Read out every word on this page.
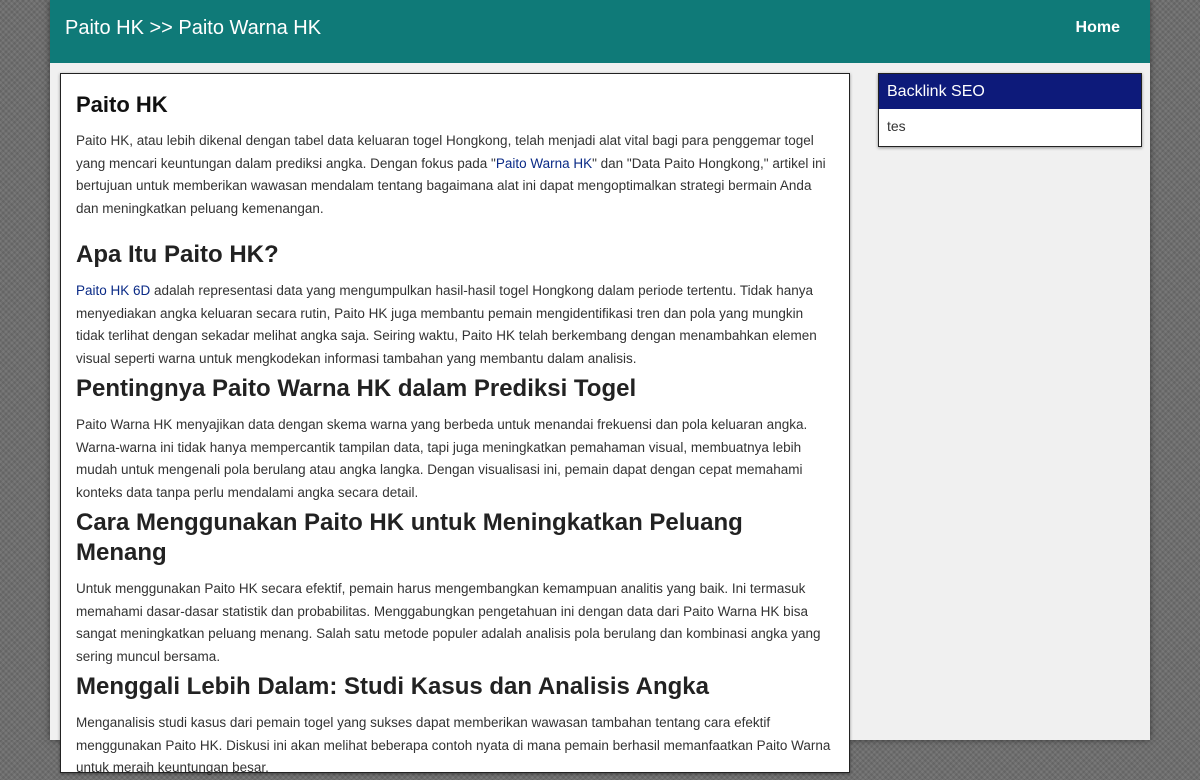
Paito HK >> Paito Warna HK	Home
Paito HK

Paito HK, atau lebih dikenal dengan tabel data keluaran togel Hongkong, telah menjadi alat vital bagi para penggemar togel yang mencari keuntungan dalam prediksi angka. Dengan fokus pada "Paito Warna HK" dan "Data Paito Hongkong," artikel ini bertujuan untuk memberikan wawasan mendalam tentang bagaimana alat ini dapat mengoptimalkan strategi bermain Anda dan meningkatkan peluang kemenangan.

Apa Itu Paito HK?

Paito HK 6D adalah representasi data yang mengumpulkan hasil-hasil togel Hongkong dalam periode tertentu. Tidak hanya menyediakan angka keluaran secara rutin, Paito HK juga membantu pemain mengidentifikasi tren dan pola yang mungkin tidak terlihat dengan sekadar melihat angka saja. Seiring waktu, Paito HK telah berkembang dengan menambahkan elemen visual seperti warna untuk mengkodekan informasi tambahan yang membantu dalam analisis.

Pentingnya Paito Warna HK dalam Prediksi Togel

Paito Warna HK menyajikan data dengan skema warna yang berbeda untuk menandai frekuensi dan pola keluaran angka. Warna-warna ini tidak hanya mempercantik tampilan data, tapi juga meningkatkan pemahaman visual, membuatnya lebih mudah untuk mengenali pola berulang atau angka langka. Dengan visualisasi ini, pemain dapat dengan cepat memahami konteks data tanpa perlu mendalami angka secara detail.

Cara Menggunakan Paito HK untuk Meningkatkan Peluang Menang

Untuk menggunakan Paito HK secara efektif, pemain harus mengembangkan kemampuan analitis yang baik. Ini termasuk memahami dasar-dasar statistik dan probabilitas. Menggabungkan pengetahuan ini dengan data dari Paito Warna HK bisa sangat meningkatkan peluang menang. Salah satu metode populer adalah analisis pola berulang dan kombinasi angka yang sering muncul bersama.

Menggali Lebih Dalam: Studi Kasus dan Analisis Angka

Menganalisis studi kasus dari pemain togel yang sukses dapat memberikan wawasan tambahan tentang cara efektif menggunakan Paito HK. Diskusi ini akan melihat beberapa contoh nyata di mana pemain berhasil memanfaatkan Paito Warna untuk meraih keuntungan besar.

Backlink SEO
tes
